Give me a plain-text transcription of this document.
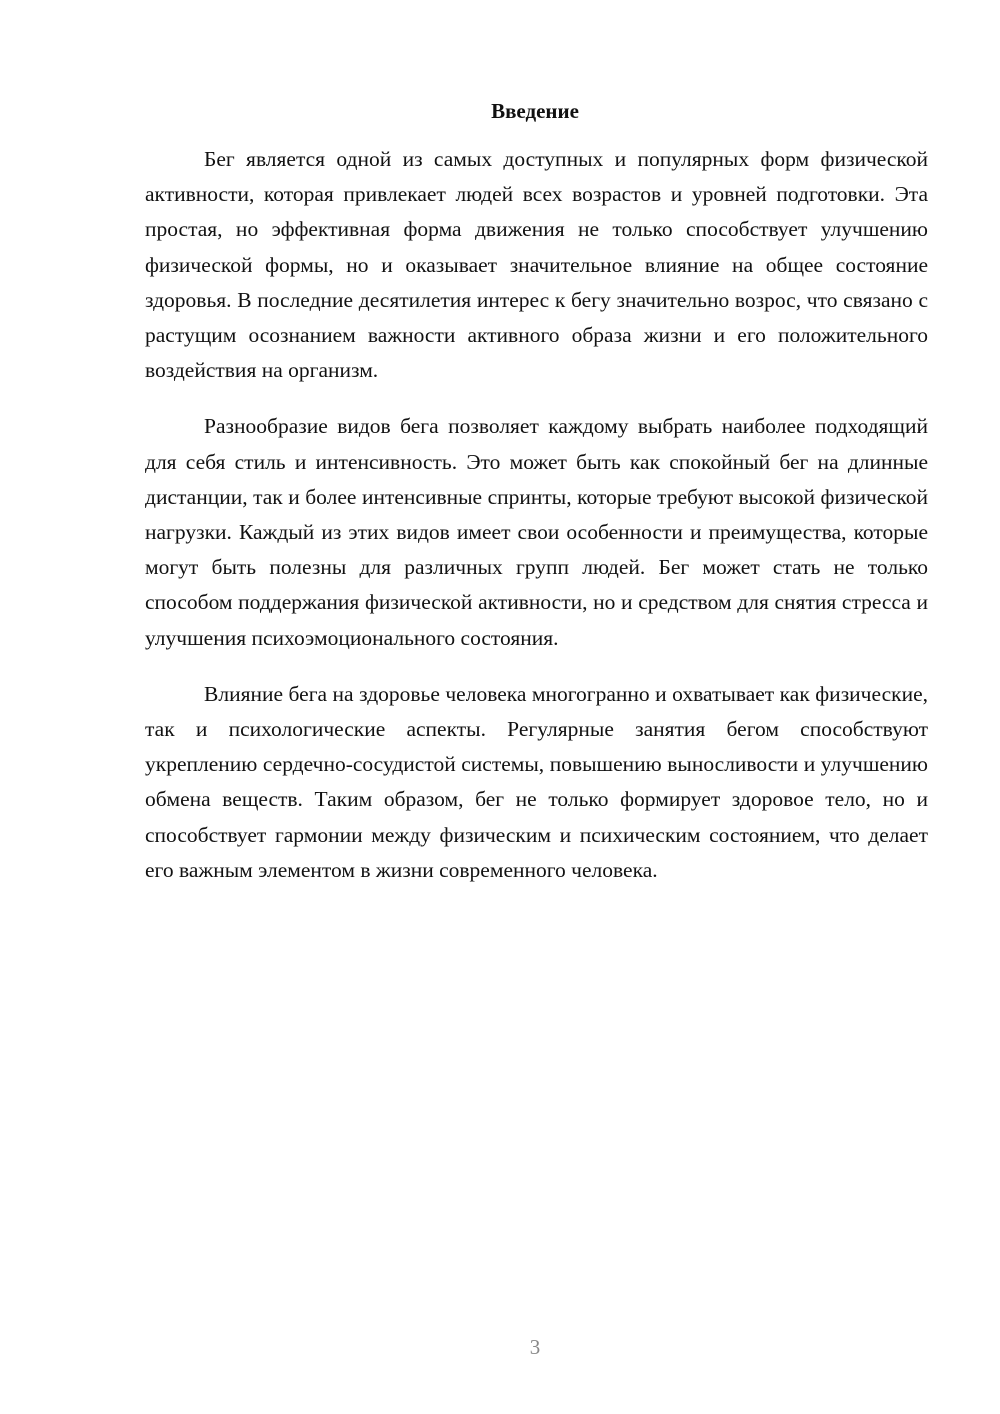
Введение

Бег является одной из самых доступных и популярных форм физической активности, которая привлекает людей всех возрастов и уровней подготовки. Эта простая, но эффективная форма движения не только способствует улучшению физической формы, но и оказывает значительное влияние на общее состояние здоровья. В последние десятилетия интерес к бегу значительно возрос, что связано с растущим осознанием важности активного образа жизни и его положительного воздействия на организм.

Разнообразие видов бега позволяет каждому выбрать наиболее подходящий для себя стиль и интенсивность. Это может быть как спокойный бег на длинные дистанции, так и более интенсивные спринты, которые требуют высокой физической нагрузки. Каждый из этих видов имеет свои особенности и преимущества, которые могут быть полезны для различных групп людей. Бег может стать не только способом поддержания физической активности, но и средством для снятия стресса и улучшения психоэмоционального состояния.

Влияние бега на здоровье человека многогранно и охватывает как физические, так и психологические аспекты. Регулярные занятия бегом способствуют укреплению сердечно-сосудистой системы, повышению выносливости и улучшению обмена веществ. Таким образом, бег не только формирует здоровое тело, но и способствует гармонии между физическим и психическим состоянием, что делает его важным элементом в жизни современного человека.

3
